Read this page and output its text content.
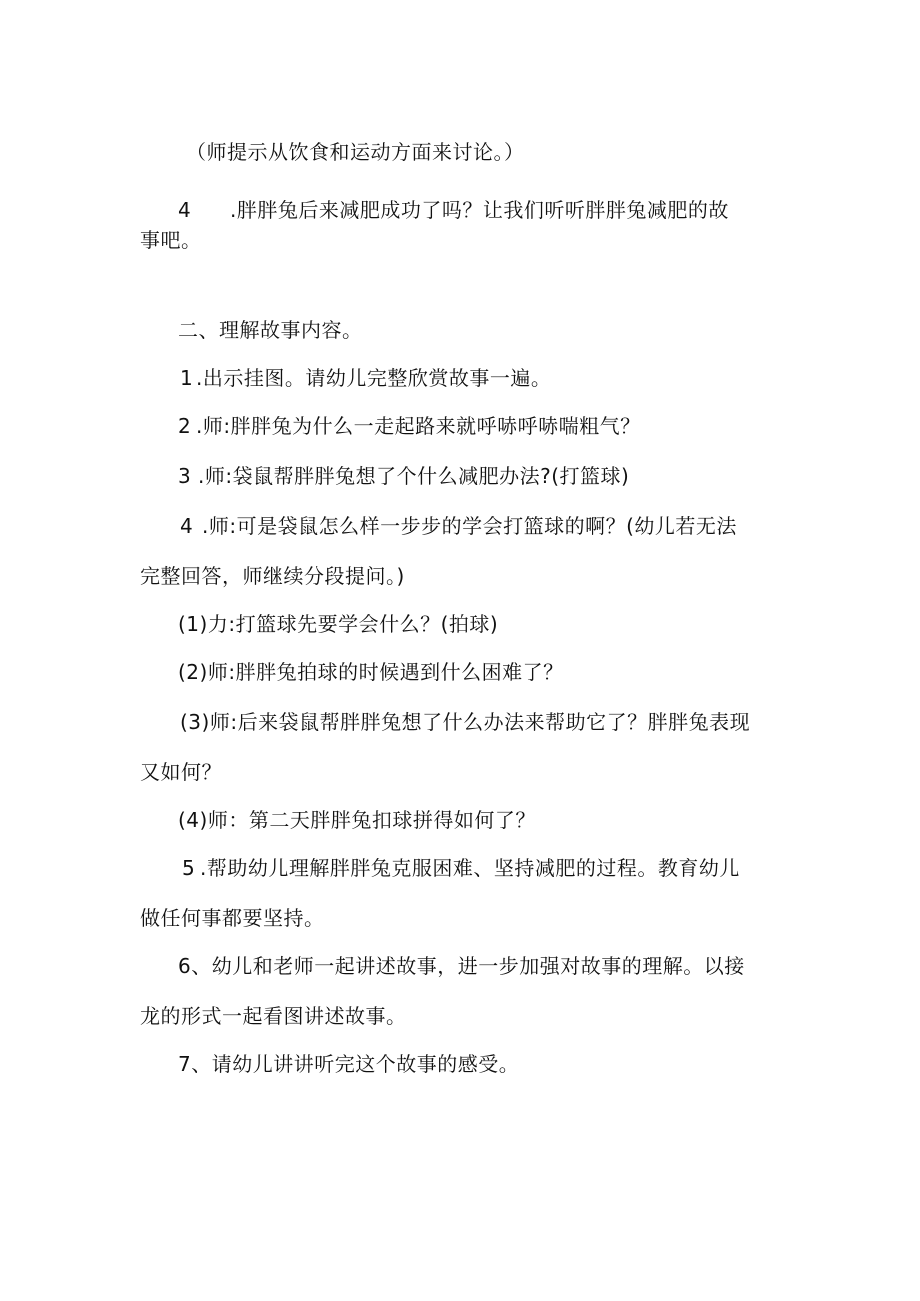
（师提示从饮食和运动方面来讨论。）
4 .胖胖兔后来减肥成功了吗？让我们听听胖胖兔减肥的故
事吧。
二、理解故事内容。
1 .出示挂图。请幼儿完整欣赏故事一遍。
2 .师:胖胖兔为什么一走起路来就呼哧呼哧喘粗气？
3 .师:袋鼠帮胖胖兔想了个什么减肥办法?(打篮球)
4 .师:可是袋鼠怎么样一步步的学会打篮球的啊？(幼儿若无法
完整回答，师继续分段提问。)
(1)力:打篮球先要学会什么？(拍球)
(2)师:胖胖兔拍球的时候遇到什么困难了？
(3)师:后来袋鼠帮胖胖兔想了什么办法来帮助它了？胖胖兔表现
又如何？
(4)师：第二天胖胖兔扣球拼得如何了？
5 .帮助幼儿理解胖胖兔克服困难、坚持减肥的过程。教育幼儿
做任何事都要坚持。
6、幼儿和老师一起讲述故事，进一步加强对故事的理解。以接
龙的形式一起看图讲述故事。
7、请幼儿讲讲听完这个故事的感受。
